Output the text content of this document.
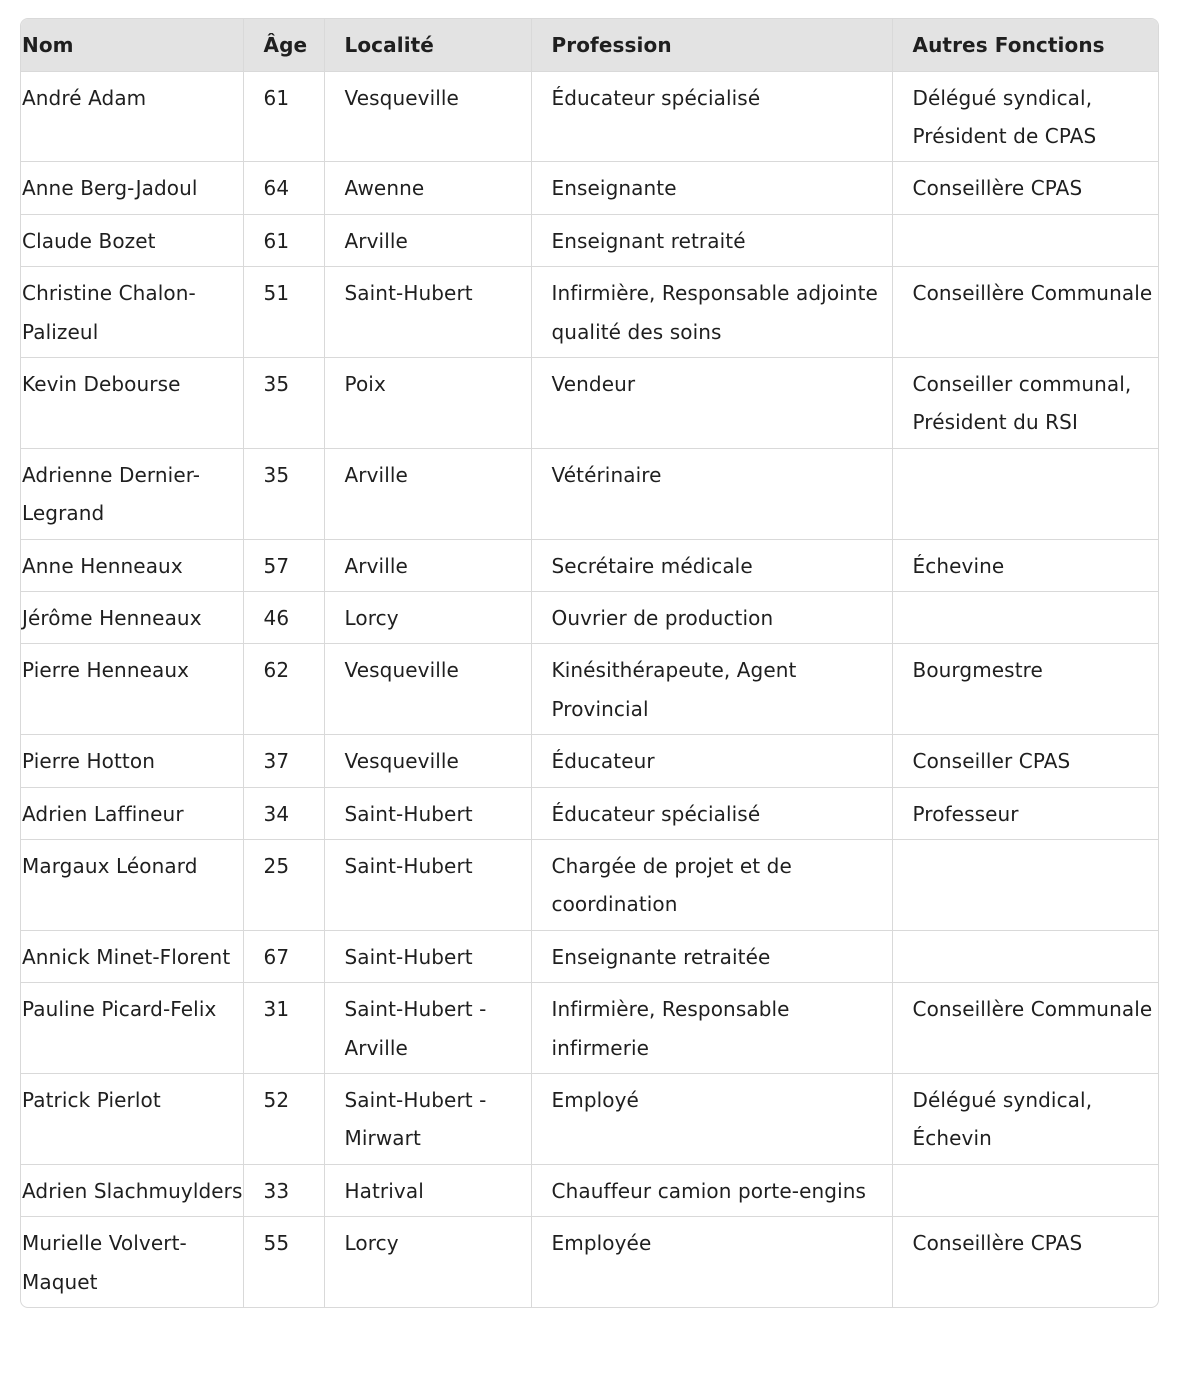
Nom	Âge	Localité	Profession	Autres Fonctions
André Adam	61	Vesqueville	Éducateur spécialisé	Délégué syndical, Président de CPAS
Anne Berg-Jadoul	64	Awenne	Enseignante	Conseillère CPAS
Claude Bozet	61	Arville	Enseignant retraité	
Christine Chalon-Palizeul	51	Saint-Hubert	Infirmière, Responsable adjointe qualité des soins	Conseillère Communale
Kevin Debourse	35	Poix	Vendeur	Conseiller communal, Président du RSI
Adrienne Dernier-Legrand	35	Arville	Vétérinaire	
Anne Henneaux	57	Arville	Secrétaire médicale	Échevine
Jérôme Henneaux	46	Lorcy	Ouvrier de production	
Pierre Henneaux	62	Vesqueville	Kinésithérapeute, Agent Provincial	Bourgmestre
Pierre Hotton	37	Vesqueville	Éducateur	Conseiller CPAS
Adrien Laffineur	34	Saint-Hubert	Éducateur spécialisé	Professeur
Margaux Léonard	25	Saint-Hubert	Chargée de projet et de coordination	
Annick Minet-Florent	67	Saint-Hubert	Enseignante retraitée	
Pauline Picard-Felix	31	Saint-Hubert - Arville	Infirmière, Responsable infirmerie	Conseillère Communale
Patrick Pierlot	52	Saint-Hubert - Mirwart	Employé	Délégué syndical, Échevin
Adrien Slachmuylders	33	Hatrival	Chauffeur camion porte-engins	
Murielle Volvert-Maquet	55	Lorcy	Employée	Conseillère CPAS
